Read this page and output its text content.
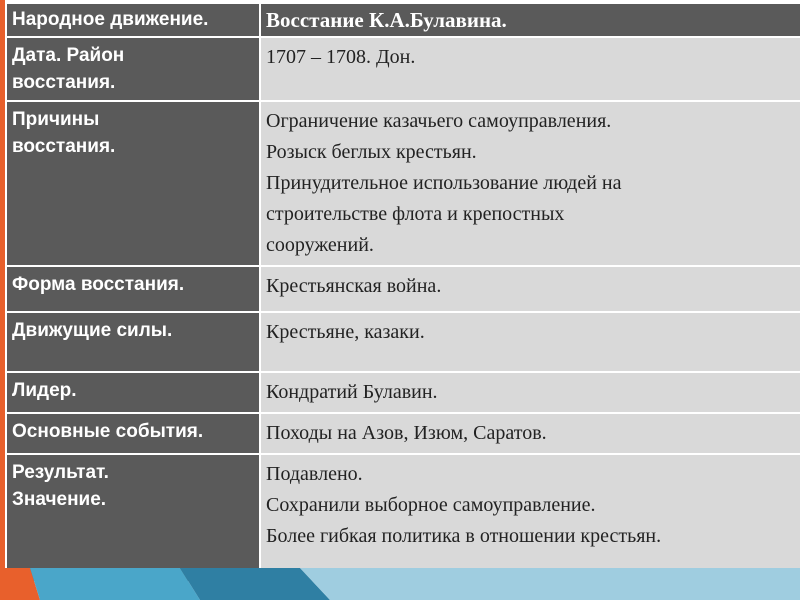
Народное движение.	Восстание К.А.Булавина.

Дата. Район
восстания.	1707 – 1708. Дон.

Причины
восстания.	Ограничение казачьего самоуправления.
Розыск беглых крестьян.
Принудительное использование людей на
строительстве флота и крепостных
сооружений.

Форма восстания.	Крестьянская война.

Движущие силы.	Крестьяне, казаки.

Лидер.	Кондратий Булавин.

Основные события.	Походы на Азов, Изюм, Саратов.

Результат.
Значение.	Подавлено.
Сохранили выборное самоуправление.
Более гибкая политика в отношении крестьян.
